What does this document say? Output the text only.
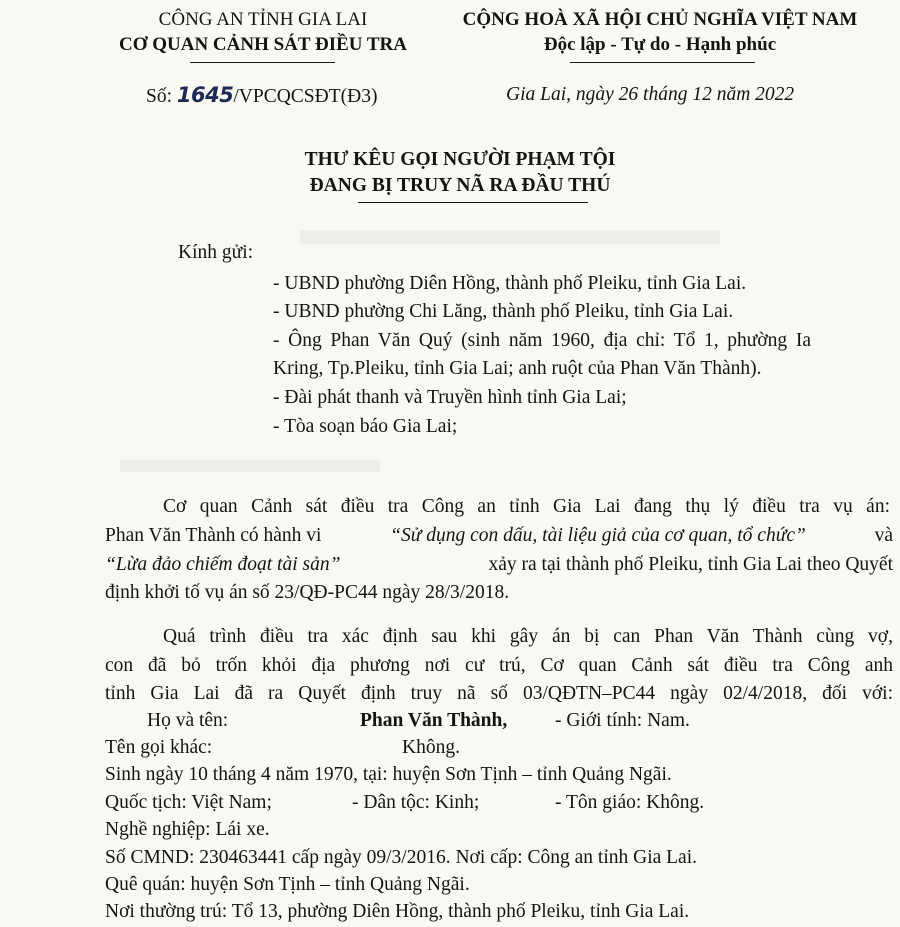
CÔNG AN TỈNH GIA LAI
CƠ QUAN CẢNH SÁT ĐIỀU TRA
CỘNG HOÀ XÃ HỘI CHỦ NGHĨA VIỆT NAM
Độc lập - Tự do - Hạnh phúc
Số: 1645/VPCQCSĐT(Đ3)	Gia Lai, ngày 26 tháng 12 năm 2022
THƯ KÊU GỌI NGƯỜI PHẠM TỘI
ĐANG BỊ TRUY NÃ RA ĐẦU THÚ
Kính gửi:
- UBND phường Diên Hồng, thành phố Pleiku, tỉnh Gia Lai.
- UBND phường Chi Lăng, thành phố Pleiku, tỉnh Gia Lai.
- Ông Phan Văn Quý (sinh năm 1960, địa chỉ: Tổ 1, phường Ia
Kring, Tp.Pleiku, tỉnh Gia Lai; anh ruột của Phan Văn Thành).
- Đài phát thanh và Truyền hình tỉnh Gia Lai;
- Tòa soạn báo Gia Lai;
Cơ quan Cảnh sát điều tra Công an tỉnh Gia Lai đang thụ lý điều tra vụ án:
Phan Văn Thành có hành vi	“Sử dụng con dấu, tài liệu giả của cơ quan, tổ chức”	và
“Lừa đảo chiếm đoạt tài sản”	xảy ra tại thành phố Pleiku, tỉnh Gia Lai theo Quyết
định khởi tố vụ án số 23/QĐ-PC44 ngày 28/3/2018.
Quá trình điều tra xác định sau khi gây án bị can Phan Văn Thành cùng vợ,
con đã bỏ trốn khỏi địa phương nơi cư trú, Cơ quan Cảnh sát điều tra Công anh
tỉnh Gia Lai đã ra Quyết định truy nã số 03/QĐTN–PC44 ngày 02/4/2018, đối với:
Họ và tên:	Phan Văn Thành, - Giới tính: Nam.
Tên gọi khác:	Không.
Sinh ngày 10 tháng 4 năm 1970, tại: huyện Sơn Tịnh – tỉnh Quảng Ngãi.
Quốc tịch: Việt Nam;	- Dân tộc: Kinh;	- Tôn giáo: Không.
Nghề nghiệp: Lái xe.
Số CMND: 230463441 cấp ngày 09/3/2016. Nơi cấp: Công an tỉnh Gia Lai.
Quê quán: huyện Sơn Tịnh – tỉnh Quảng Ngãi.
Nơi thường trú: Tổ 13, phường Diên Hồng, thành phố Pleiku, tỉnh Gia Lai.
